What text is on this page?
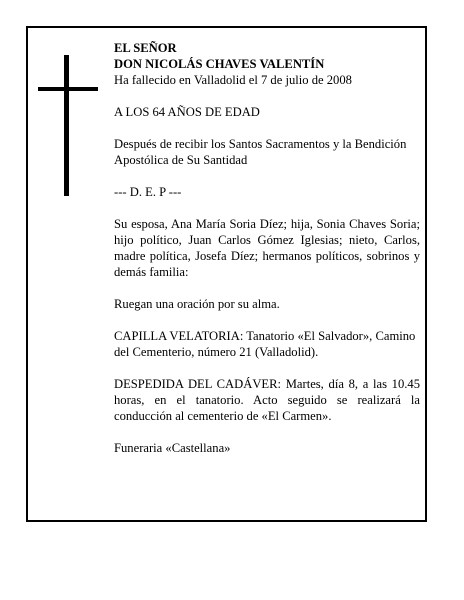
EL SEÑOR

DON NICOLÁS CHAVES VALENTÍN

Ha fallecido en Valladolid el 7 de julio de 2008

A LOS 64 AÑOS DE EDAD

Después de recibir los Santos Sacramentos y la Bendición Apostólica de Su Santidad

--- D. E. P ---

Su esposa, Ana María Soria Díez; hija, Sonia Chaves Soria; hijo político, Juan Carlos Gómez Iglesias; nieto, Carlos, madre política, Josefa Díez; hermanos políticos, sobrinos y demás familia:

Ruegan una oración por su alma.

CAPILLA VELATORIA: Tanatorio «El Salvador», Camino del Cementerio, número 21 (Valladolid).

DESPEDIDA DEL CADÁVER: Martes, día 8, a las 10.45 horas, en el tanatorio. Acto seguido se realizará la conducción al cementerio de «El Carmen».

Funeraria «Castellana»
